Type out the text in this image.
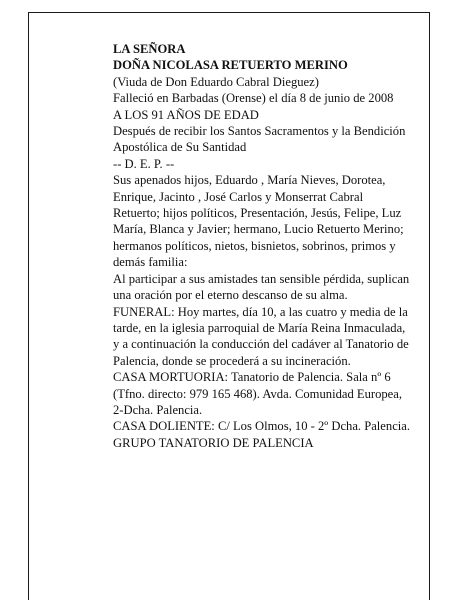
LA SEÑORA

DOÑA NICOLASA RETUERTO MERINO

(Viuda de Don Eduardo Cabral Dieguez)

Falleció en Barbadas (Orense) el día 8 de junio de 2008

A LOS 91 AÑOS DE EDAD

Después de recibir los Santos Sacramentos y la Bendición Apostólica de Su Santidad

-- D. E. P. --

Sus apenados hijos, Eduardo , María Nieves, Dorotea, Enrique, Jacinto , José Carlos y Monserrat Cabral Retuerto; hijos políticos, Presentación, Jesús, Felipe, Luz María, Blanca y Javier; hermano, Lucio Retuerto Merino; hermanos políticos, nietos, bisnietos, sobrinos, primos y demás familia:

Al participar a sus amistades tan sensible pérdida, suplican una oración por el eterno descanso de su alma.

FUNERAL: Hoy martes, día 10, a las cuatro y media de la tarde, en la iglesia parroquial de María Reina Inmaculada, y a continuación la conducción del cadáver al Tanatorio de Palencia, donde se procederá a su incineración.

CASA MORTUORIA: Tanatorio de Palencia. Sala nº 6 (Tfno. directo: 979 165 468). Avda. Comunidad Europea, 2-Dcha. Palencia.

CASA DOLIENTE: C/ Los Olmos, 10 - 2º Dcha. Palencia.

GRUPO TANATORIO DE PALENCIA
